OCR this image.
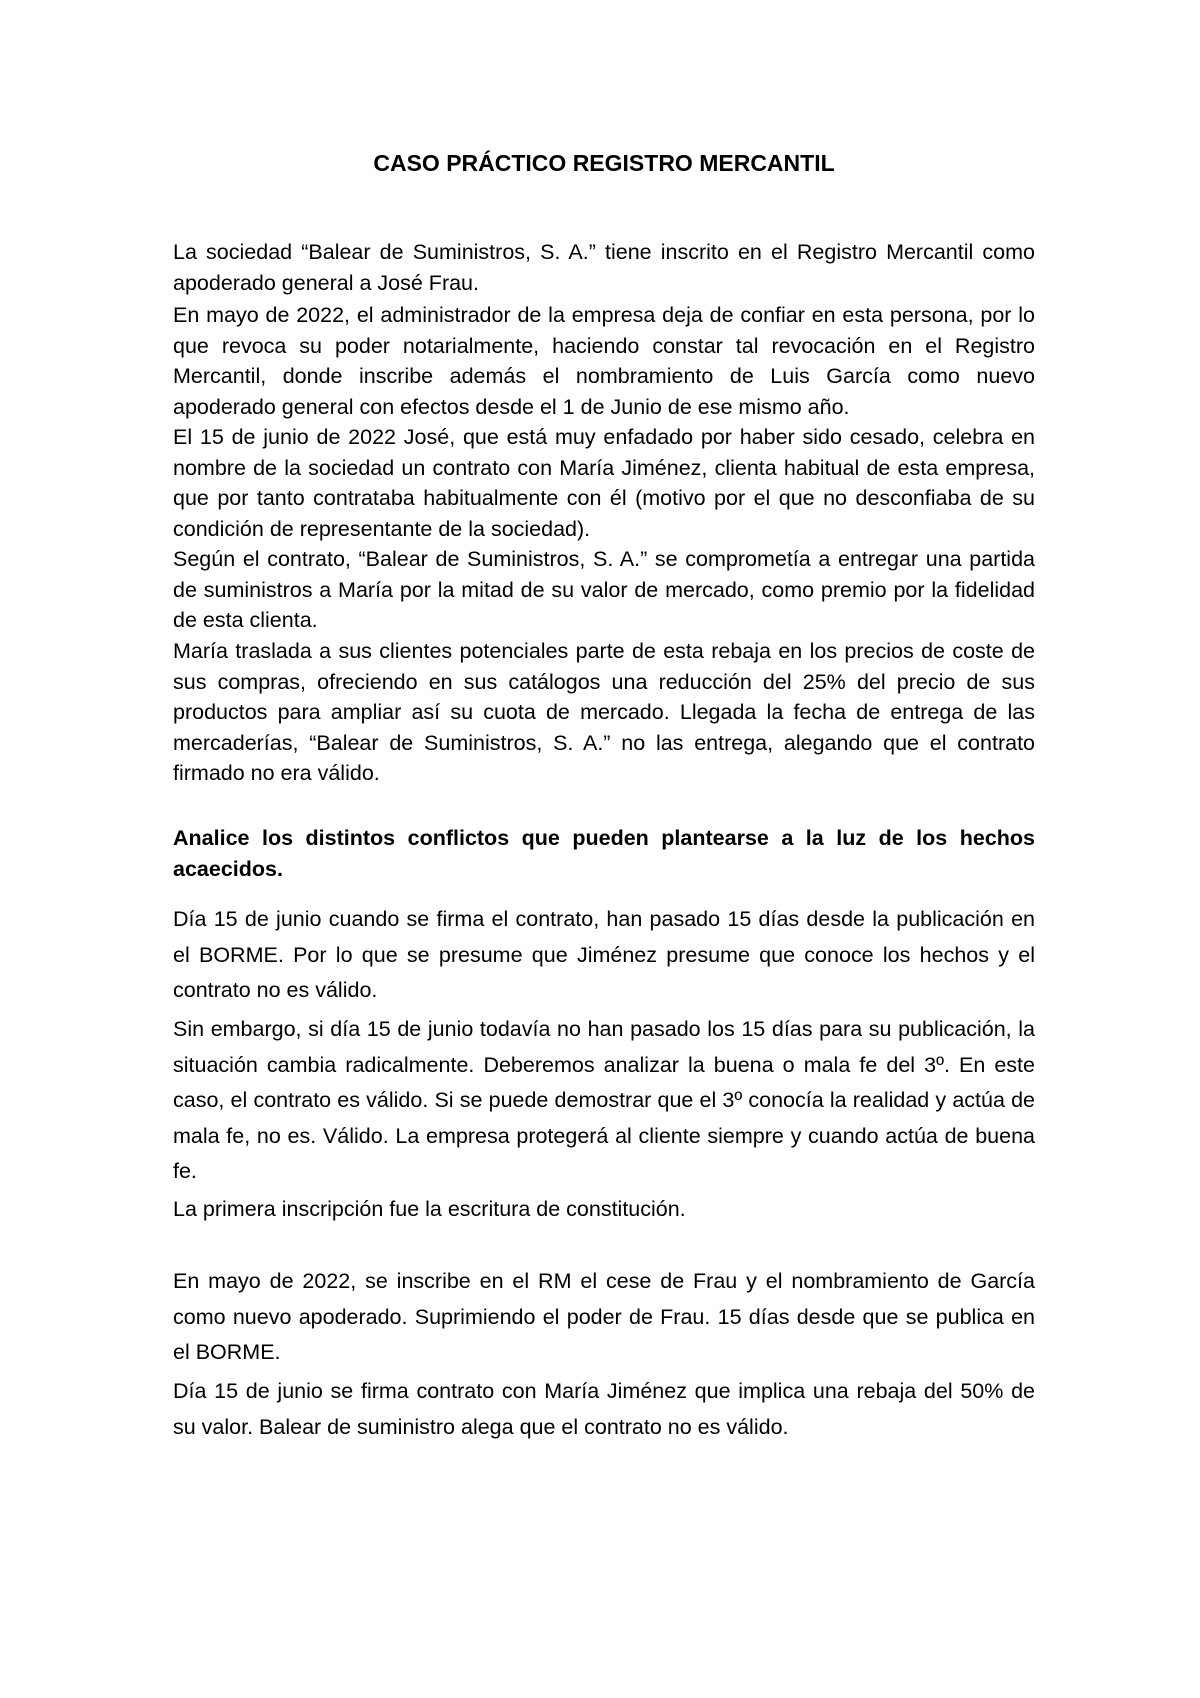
CASO PRÁCTICO REGISTRO MERCANTIL

La sociedad “Balear de Suministros, S. A.” tiene inscrito en el Registro Mercantil como apoderado general a José Frau.

En mayo de 2022, el administrador de la empresa deja de confiar en esta persona, por lo que revoca su poder notarialmente, haciendo constar tal revocación en el Registro Mercantil, donde inscribe además el nombramiento de Luis García como nuevo apoderado general con efectos desde el 1 de Junio de ese mismo año.

El 15 de junio de 2022 José, que está muy enfadado por haber sido cesado, celebra en nombre de la sociedad un contrato con María Jiménez, clienta habitual de esta empresa, que por tanto contrataba habitualmente con él (motivo por el que no desconfiaba de su condición de representante de la sociedad).

Según el contrato, “Balear de Suministros, S. A.” se comprometía a entregar una partida de suministros a María por la mitad de su valor de mercado, como premio por la fidelidad de esta clienta.

María traslada a sus clientes potenciales parte de esta rebaja en los precios de coste de sus compras, ofreciendo en sus catálogos una reducción del 25% del precio de sus productos para ampliar así su cuota de mercado. Llegada la fecha de entrega de las mercaderías, “Balear de Suministros, S. A.” no las entrega, alegando que el contrato firmado no era válido.

Analice los distintos conflictos que pueden plantearse a la luz de los hechos acaecidos.

Día 15 de junio cuando se firma el contrato, han pasado 15 días desde la publicación en el BORME. Por lo que se presume que Jiménez presume que conoce los hechos y el contrato no es válido.

Sin embargo, si día 15 de junio todavía no han pasado los 15 días para su publicación, la situación cambia radicalmente. Deberemos analizar la buena o mala fe del 3º. En este caso, el contrato es válido. Si se puede demostrar que el 3º conocía la realidad y actúa de mala fe, no es. Válido. La empresa protegerá al cliente siempre y cuando actúa de buena fe.

La primera inscripción fue la escritura de constitución.

En mayo de 2022, se inscribe en el RM el cese de Frau y el nombramiento de García como nuevo apoderado. Suprimiendo el poder de Frau. 15 días desde que se publica en el BORME.

Día 15 de junio se firma contrato con María Jiménez que implica una rebaja del 50% de su valor. Balear de suministro alega que el contrato no es válido.
